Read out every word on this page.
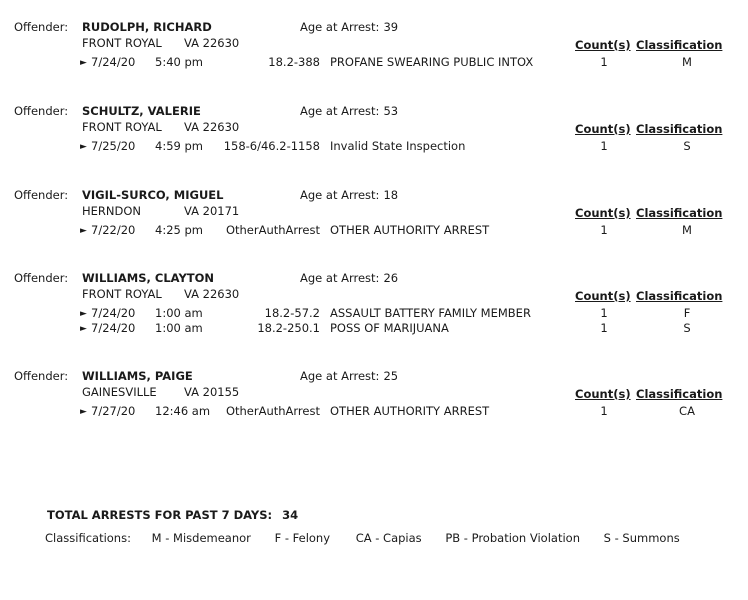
Offender: RUDOLPH, RICHARD	Age at Arrest: 39
FRONT ROYAL VA 22630	Count(s) Classification
► 7/24/20 5:40 pm	18.2-388 PROFANE SWEARING PUBLIC INTOX	1	M
Offender: SCHULTZ, VALERIE	Age at Arrest: 53
FRONT ROYAL VA 22630	Count(s) Classification
► 7/25/20 4:59 pm	158-6/46.2-1158 Invalid State Inspection	1	S
Offender: VIGIL-SURCO, MIGUEL	Age at Arrest: 18
HERNDON	VA 20171	Count(s) Classification
► 7/22/20 4:25 pm	OtherAuthArrest OTHER AUTHORITY ARREST	1	M
Offender: WILLIAMS, CLAYTON	Age at Arrest: 26
FRONT ROYAL VA 22630	Count(s) Classification
► 7/24/20 1:00 am	18.2-57.2 ASSAULT BATTERY FAMILY MEMBER	1	F
► 7/24/20 1:00 am	18.2-250.1 POSS OF MARIJUANA	1	S
Offender: WILLIAMS, PAIGE	Age at Arrest: 25
GAINESVILLE VA 20155	Count(s) Classification
► 7/27/20 12:46 am	OtherAuthArrest OTHER AUTHORITY ARREST	1	CA
TOTAL ARRESTS FOR PAST 7 DAYS: 34
Classifications: M - Misdemeanor F - Felony CA - Capias PB - Probation Violation S - Summons
